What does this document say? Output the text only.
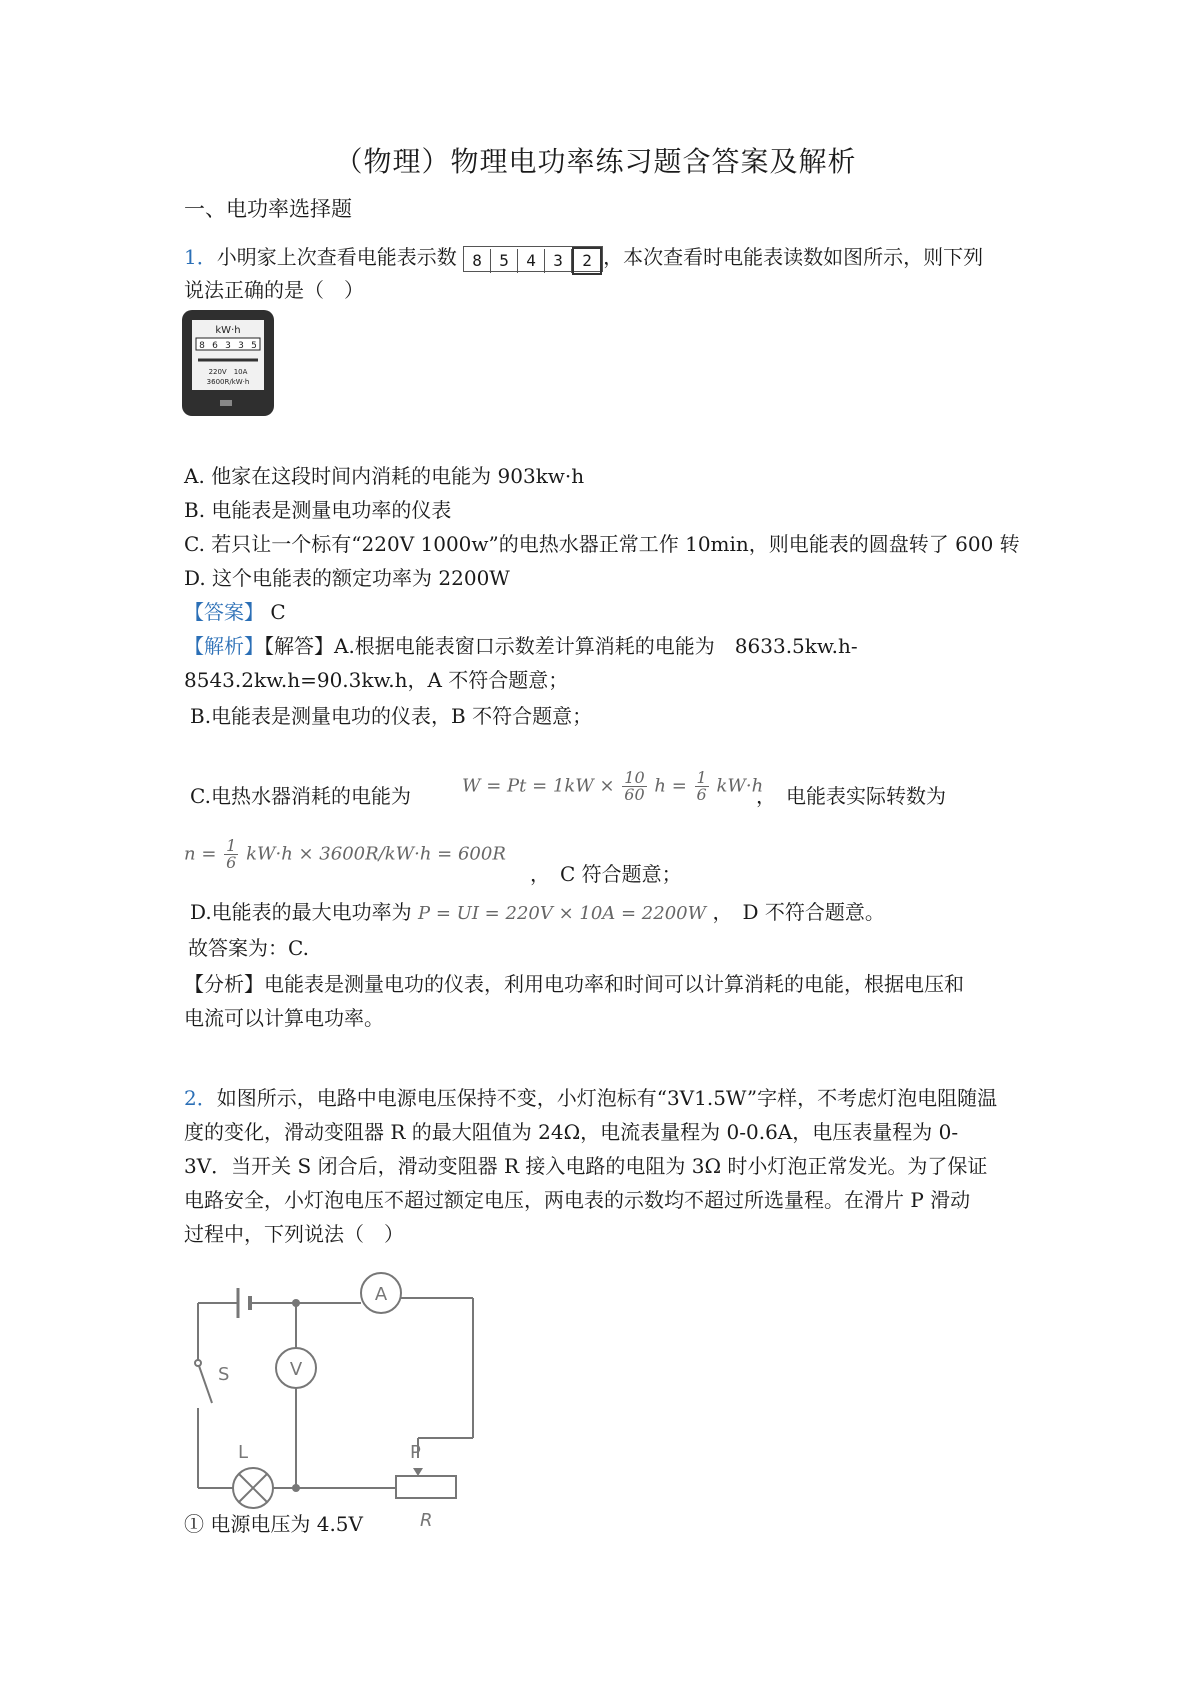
（物理）物理电功率练习题含答案及解析
一、电功率选择题
1．小明家上次查看电能表示数 8 5 4 3 2 ，本次查看时电能表读数如图所示，则下列
说法正确的是（　）
kW·h
8 6 3 3 5
220V　10A
3600R/kW·h
A. 他家在这段时间内消耗的电能为 903kw·h
B. 电能表是测量电功率的仪表
C. 若只让一个标有“220V 1000w”的电热水器正常工作 10min，则电能表的圆盘转了 600 转
D. 这个电能表的额定功率为 2200W
【答案】 C
【解析】【解答】A.根据电能表窗口示数差计算消耗的电能为　8633.5kw.h-
8543.2kw.h=90.3kw.h，A 不符合题意；
B.电能表是测量电功的仪表，B 不符合题意；
C.电热水器消耗的电能为	$W = Pt = 1kW \times \frac{10}{60}$ $h = \frac{1}{6} kW\cdot h$
，　电能表实际转数为
$n = \frac{1}{6} kW\cdot h \times 3600R/kW\cdot h = 600R$
，　C 符合题意；
D.电能表的最大电功率为 P = UI = 220V × 10A = 2200W ，　D 不符合题意。
故答案为：C.
【分析】电能表是测量电功的仪表，利用电功率和时间可以计算消耗的电能，根据电压和
电流可以计算电功率。
2．如图所示，电路中电源电压保持不变，小灯泡标有“3V1.5W”字样，不考虑灯泡电阻随温
度的变化，滑动变阻器 R 的最大阻值为 24Ω，电流表量程为 0-0.6A，电压表量程为 0-
3V．当开关 S 闭合后，滑动变阻器 R 接入电路的电阻为 3Ω 时小灯泡正常发光。为了保证
电路安全，小灯泡电压不超过额定电压，两电表的示数均不超过所选量程。在滑片 P 滑动
过程中，下列说法（　）
A
V
S
L	P
R
① 电源电压为 4.5V
